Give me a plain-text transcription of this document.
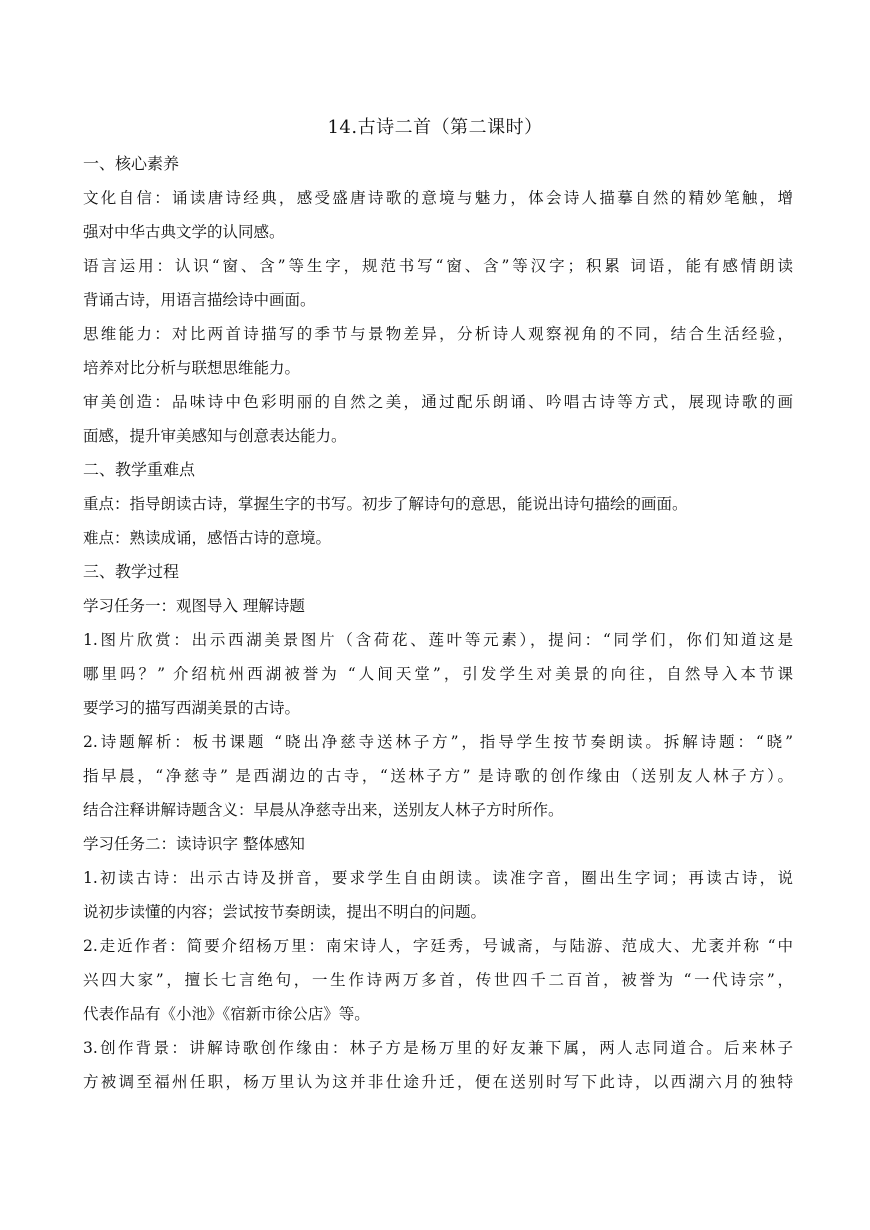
14.古诗二首（第二课时）
一、核心素养
文化自信：诵读唐诗经典，感受盛唐诗歌的意境与魅力，体会诗人描摹自然的精妙笔触，增
强对中华古典文学的认同感。
语言运用：认识“窗、含”等生字，规范书写“窗、含”等汉字；积累 词语，能有感情朗读
背诵古诗，用语言描绘诗中画面。
思维能力：对比两首诗描写的季节与景物差异，分析诗人观察视角的不同，结合生活经验，
培养对比分析与联想思维能力。
审美创造：品味诗中色彩明丽的自然之美，通过配乐朗诵、吟唱古诗等方式，展现诗歌的画
面感，提升审美感知与创意表达能力。
二、教学重难点
重点：指导朗读古诗，掌握生字的书写。初步了解诗句的意思，能说出诗句描绘的画面。
难点：熟读成诵，感悟古诗的意境。
三、教学过程
学习任务一：观图导入 理解诗题
1.图片欣赏：出示西湖美景图片（含荷花、莲叶等元素），提问：“同学们，你们知道这是
哪里吗？” 介绍杭州西湖被誉为 “人间天堂”，引发学生对美景的向往，自然导入本节课
要学习的描写西湖美景的古诗。
2.诗题解析：板书课题 “晓出净慈寺送林子方”，指导学生按节奏朗读。拆解诗题：“晓”
指早晨，“净慈寺” 是西湖边的古寺，“送林子方” 是诗歌的创作缘由（送别友人林子方）。
结合注释讲解诗题含义：早晨从净慈寺出来，送别友人林子方时所作。
学习任务二：读诗识字 整体感知
1.初读古诗：出示古诗及拼音，要求学生自由朗读。读准字音，圈出生字词；再读古诗，说
说初步读懂的内容；尝试按节奏朗读，提出不明白的问题。
2.走近作者：简要介绍杨万里：南宋诗人，字廷秀，号诚斋，与陆游、范成大、尤袤并称 “中
兴四大家”，擅长七言绝句，一生作诗两万多首，传世四千二百首，被誉为 “一代诗宗”，
代表作品有《小池》《宿新市徐公店》等。
3.创作背景：讲解诗歌创作缘由：林子方是杨万里的好友兼下属，两人志同道合。后来林子
方被调至福州任职，杨万里认为这并非仕途升迁，便在送别时写下此诗，以西湖六月的独特
